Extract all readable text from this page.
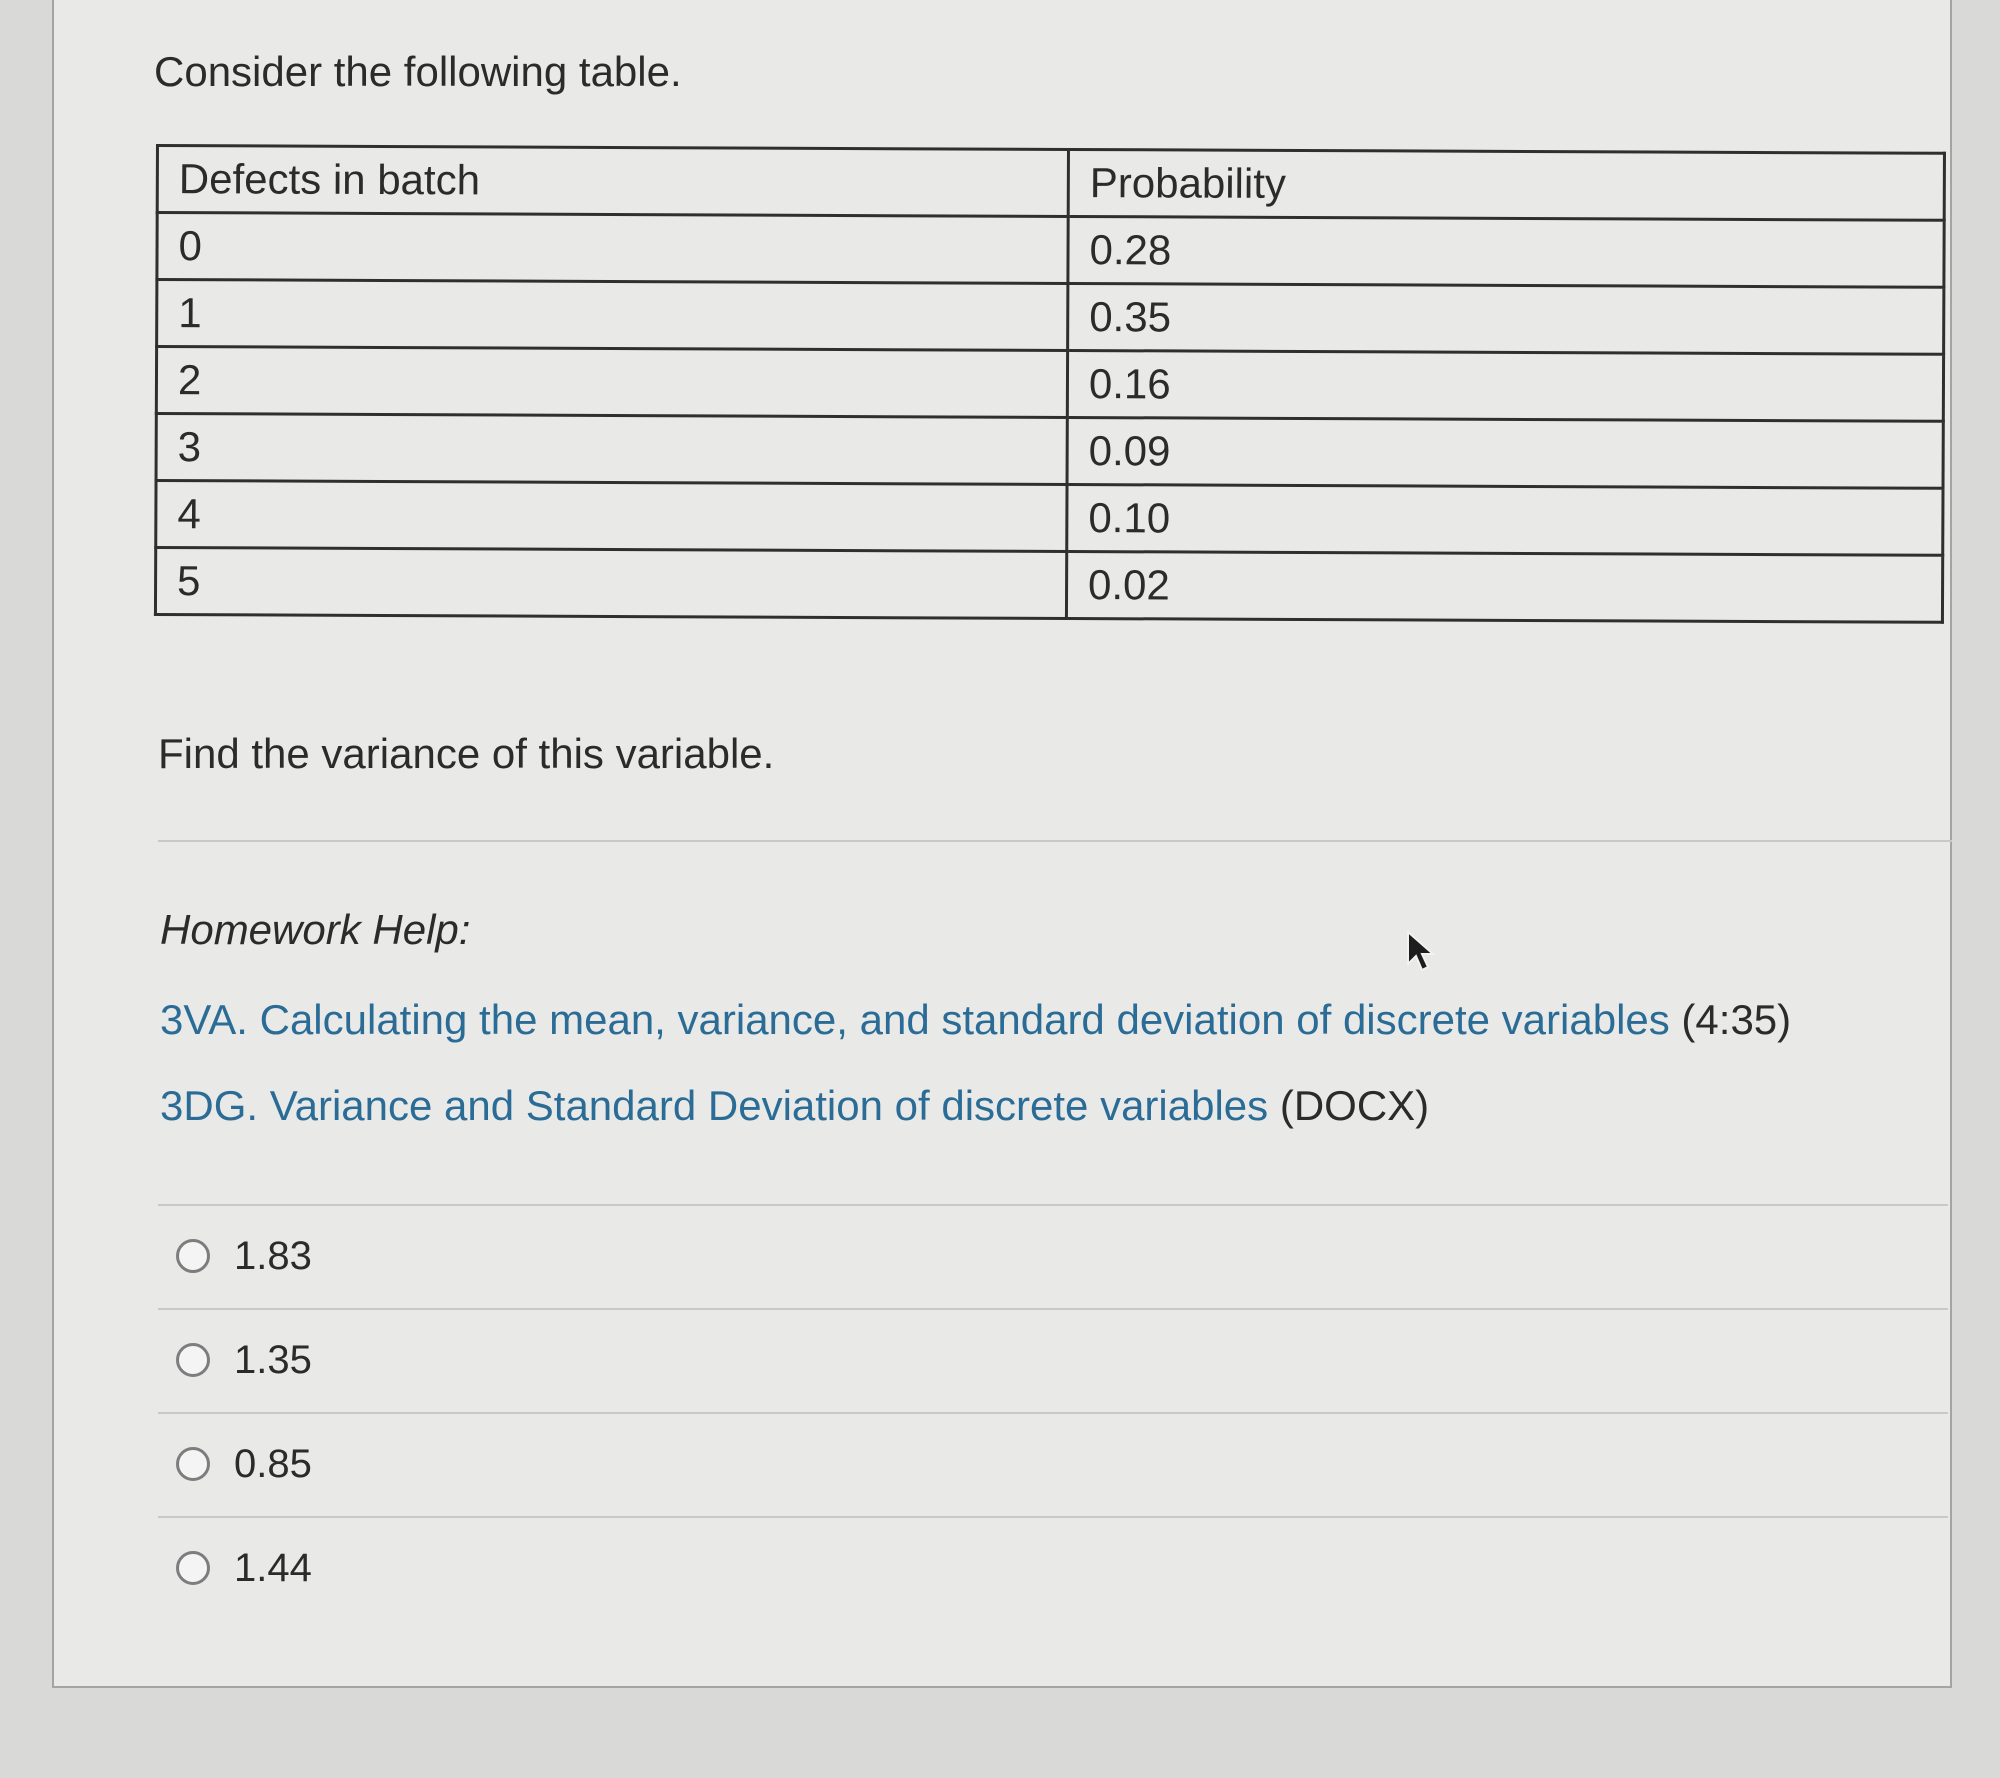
Consider the following table.

Defects in batch	Probability
0	0.28
1	0.35
2	0.16
3	0.09
4	0.10
5	0.02
Find the variance of this variable.
Homework Help:
3VA. Calculating the mean, variance, and standard deviation of discrete variables (4:35)
3DG. Variance and Standard Deviation of discrete variables (DOCX)
1.83
1.35
0.85
1.44
